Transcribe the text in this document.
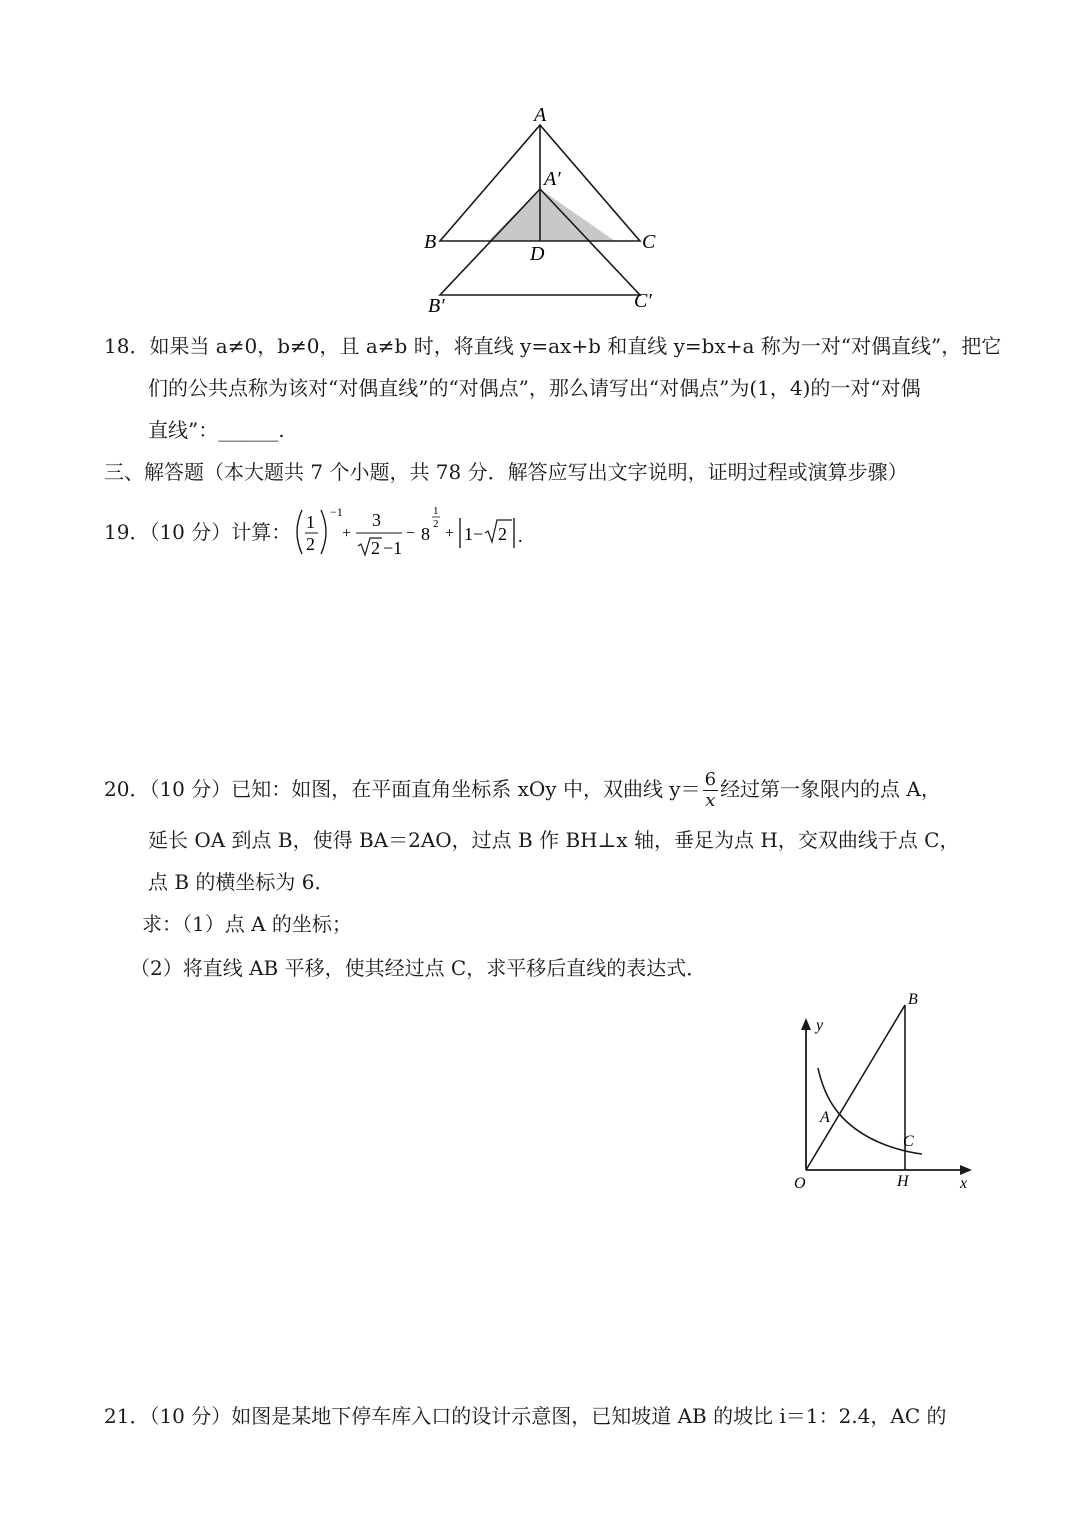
A
A′
B	C
D
B′	C′
18．如果当 a≠0，b≠0，且 a≠b 时，将直线 y=ax+b 和直线 y=bx+a 称为一对“对偶直线”，把它
们的公共点称为该对“对偶直线”的“对偶点”，那么请写出“对偶点”为(1，4)的一对“对偶
直线”：______.
三、解答题（本大题共 7 个小题，共 78 分．解答应写出文字说明，证明过程或演算步骤）
19．（10 分）计算： 1
2
−1
+
3
2 −1
− 8
1
2
+ 1− 2 .
20．（10 分）已知：如图，在平面直角坐标系 xOy 中，双曲线 $y= \frac{6}{x}$ 经过第一象限内的点 A，
延长 OA 到点 B，使得 BA＝2AO，过点 B 作 BH⊥x 轴，垂足为点 H，交双曲线于点 C，
点 B 的横坐标为 6．
求：（1）点 A 的坐标；
（2）将直线 AB 平移，使其经过点 C，求平移后直线的表达式．
B
y
A
C
O	H	x
21．（10 分）如图是某地下停车库入口的设计示意图，已知坡道 AB 的坡比 i＝1：2.4，AC 的
